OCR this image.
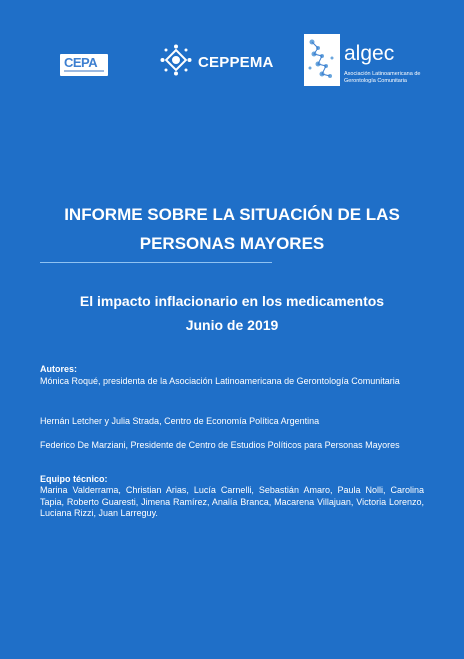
CEPA	CEPPEMA	algec
Asociación Latinoamericana de Gerontología Comunitaria
INFORME SOBRE LA SITUACIÓN DE LAS
PERSONAS MAYORES
El impacto inflacionario en los medicamentos
Junio de 2019
Autores:
Mónica Roqué, presidenta de la Asociación Latinoamericana de Gerontología Comunitaria
Hernán Letcher y Julia Strada, Centro de Economía Política Argentina
Federico De Marziani, Presidente de Centro de Estudios Políticos para Personas Mayores
Equipo técnico:
Marina Valderrama, Christian Arias, Lucía Carnelli, Sebastián Amaro, Paula Nolli, Carolina Tapia, Roberto Guaresti, Jimena Ramírez, Analía Branca, Macarena Villajuan, Victoria Lorenzo, Luciana Rizzi, Juan Larreguy.
